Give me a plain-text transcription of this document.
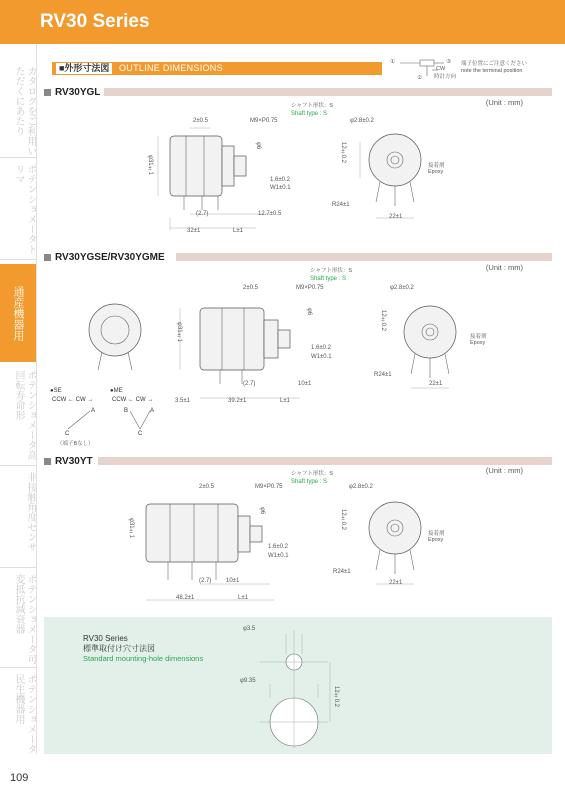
RV30 Series
カタログをご利用いただくにあたり
ポテンショメータトリマ
通産機器用
ポテンショメータ高回転寿命形
非接触角度センサ
ポテンショメータ可変抵抗減衰器
ポテンショメータ民生機器用
■外形寸法図	OUTLINE DIMENSIONS
①	③
②
CW
時計方向
端子位置にご注意ください
note the terminal position
RV30YGL
(Unit : mm)
シャフト形状：S
Shaft type : S
2±0.5	M9×P0.75
φ6
φ31±1
1.6±0.2
W1±0.1
(2.7)	12.7±0.5
32±1	L±1
φ2.8±0.2
12±0.2
接着剤
Epoxy
R24±1
22±1
RV30YGSE/RV30YGME
(Unit : mm)
シャフト形状：S
Shaft type : S
2±0.5	M9×P0.75
φ6
φ31±1
1.6±0.2
W1±0.1
(2.7)	10±1
3.5±1	39.2±1	L±1
φ2.8±0.2
12±0.2
接着剤
Epoxy
R24±1
22±1
●SE
CCW ← CW →
A
C
（端子Bなし）
●ME
CCW ← CW →
B	A
C
RV30YT
(Unit : mm)
シャフト形状：S
Shaft type : S
2±0.5	M9×P0.75
φ6
φ31±1
1.6±0.2
W1±0.1
(2.7) 10±1
48.2±1	L±1
φ2.8±0.2
12±0.2
接着剤
Epoxy
R24±1
22±1
RV30 Series
標準取付け穴寸法図
Standard mounting-hole dimensions
φ3.5
φ9.35
12±0.2
109
